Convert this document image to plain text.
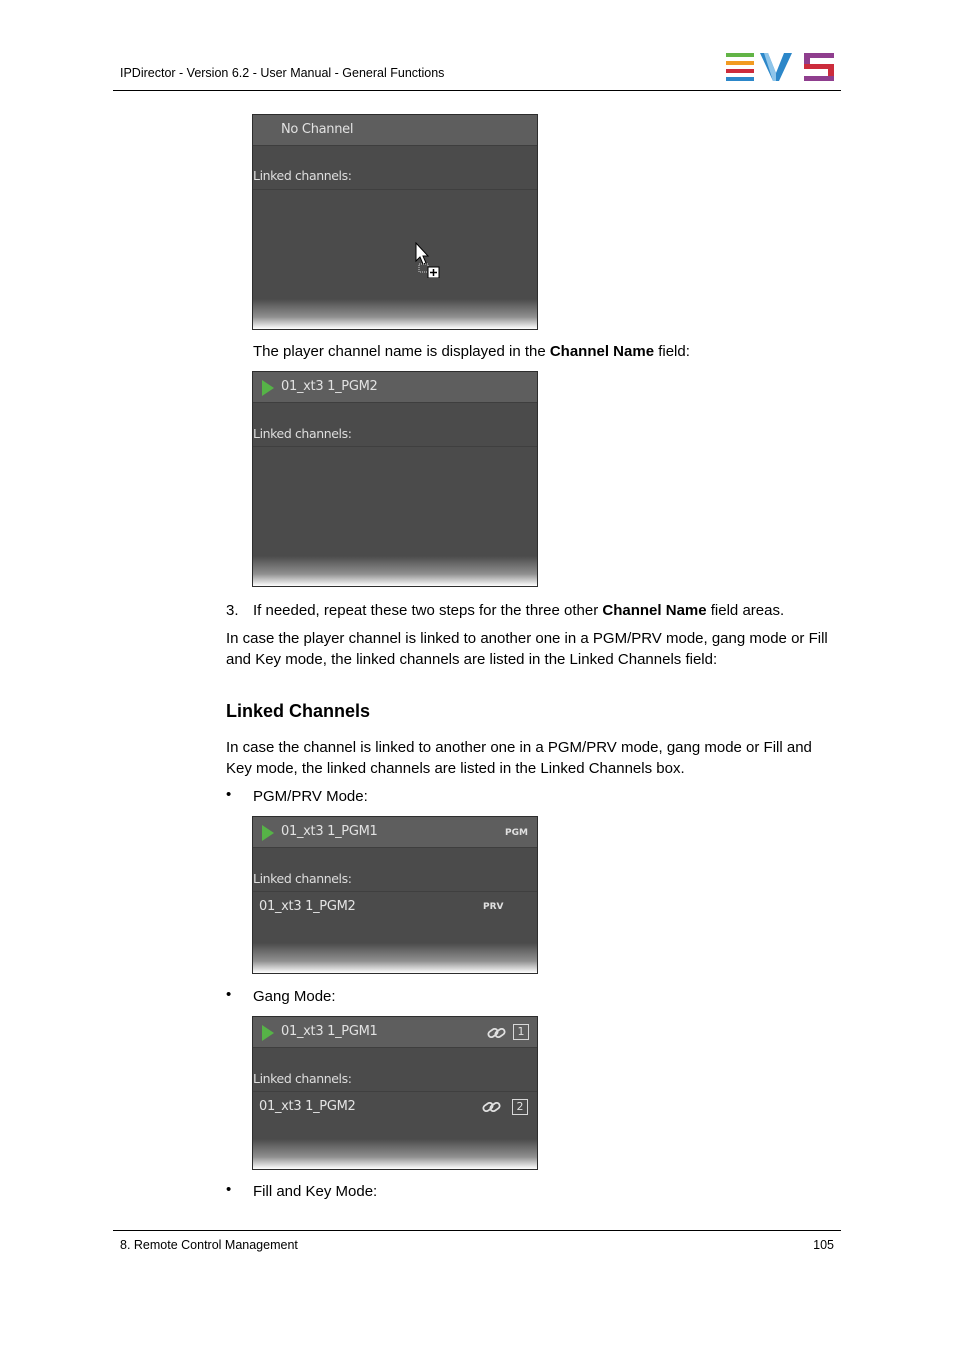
IPDirector - Version 6.2 - User Manual - General Functions
No Channel
Linked channels:
The player channel name is displayed in the Channel Name field:
01_xt3 1_PGM2
Linked channels:
3. If needed, repeat these two steps for the three other Channel Name field areas.
In case the player channel is linked to another one in a PGM/PRV mode, gang mode or Fill
and Key mode, the linked channels are listed in the Linked Channels field:
Linked Channels
In case the channel is linked to another one in a PGM/PRV mode, gang mode or Fill and
Key mode, the linked channels are listed in the Linked Channels box.
• PGM/PRV Mode:
01_xt3 1_PGM1	PGM
Linked channels:
01_xt3 1_PGM2	PRV
• Gang Mode:
01_xt3 1_PGM1	1
Linked channels:
01_xt3 1_PGM2	2
• Fill and Key Mode:
8. Remote Control Management	105
